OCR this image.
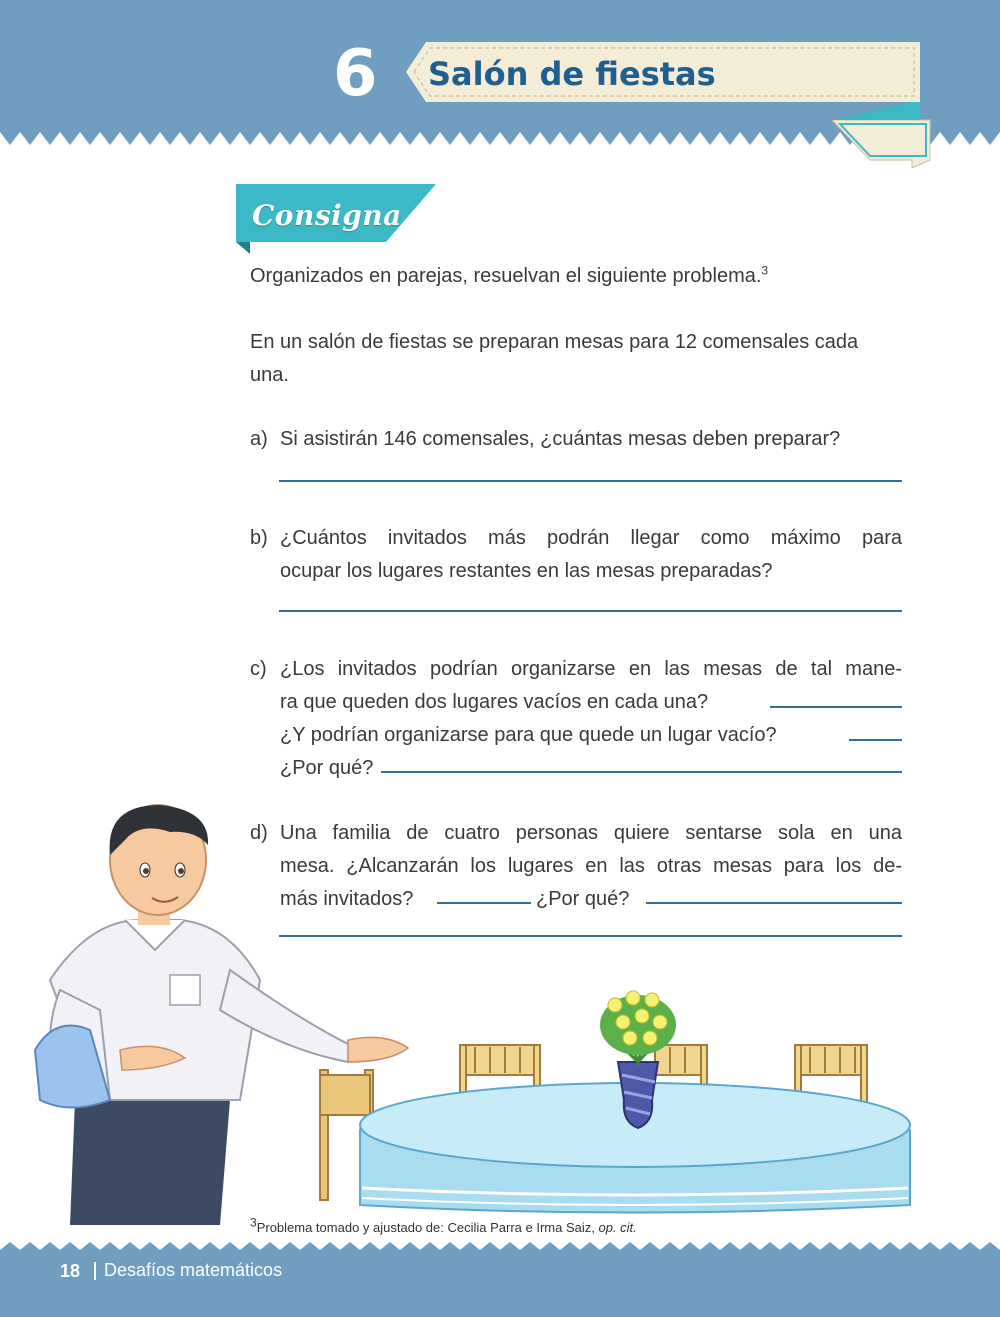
6	Salón de fiestas
Consigna
Organizados en parejas, resuelvan el siguiente problema.$^3$
En un salón de fiestas se preparan mesas para 12 comensales cada
una.
a) Si asistirán 146 comensales, ¿cuántas mesas deben preparar?
b) ¿Cuántos invitados más podrán llegar como máximo para
ocupar los lugares restantes en las mesas preparadas?
c) ¿Los invitados podrían organizarse en las mesas de tal mane-
ra que queden dos lugares vacíos en cada una?
¿Y podrían organizarse para que quede un lugar vacío?
¿Por qué?
d) Una familia de cuatro personas quiere sentarse sola en una
mesa. ¿Alcanzarán los lugares en las otras mesas para los de-
más invitados?	¿Por qué?
$^3$Problema tomado y ajustado de: Cecilia Parra e Irma Saiz, op. cit.
18 Desafíos matemáticos
